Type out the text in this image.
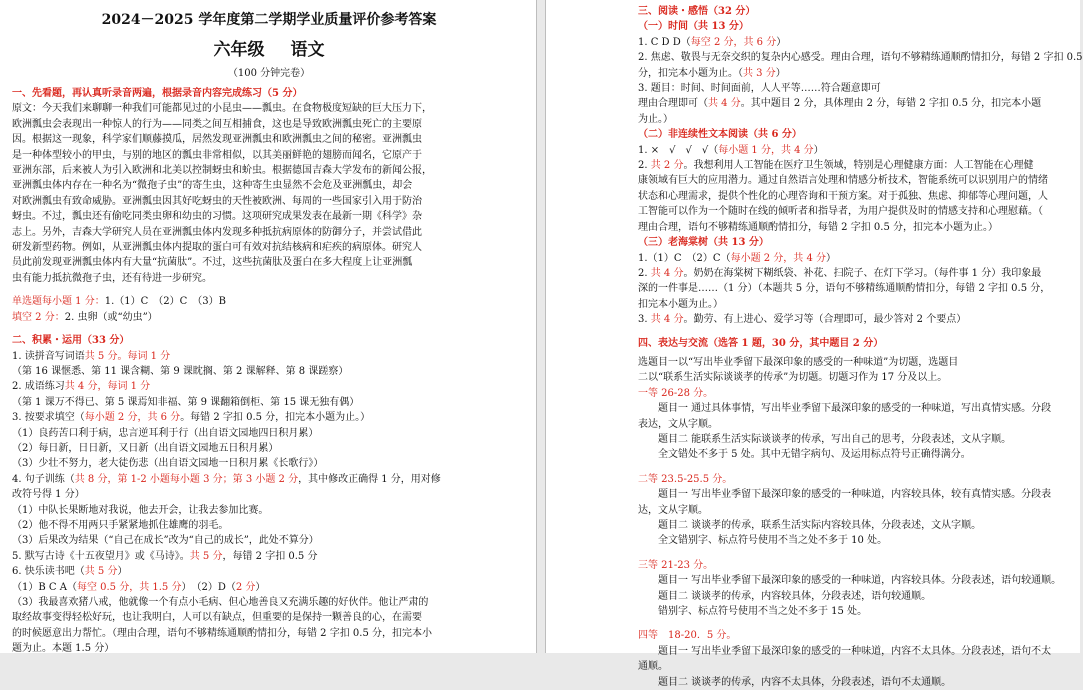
2024－2025 学年度第二学期学业质量评价参考答案
六年级 语文
（100 分钟完卷）
一、先看题，再认真听录音两遍，根据录音内容完成练习（5 分）
原文：今天我们来聊聊一种我们可能都见过的小昆虫——瓢虫。在食物极度短缺的巨大压力下，
欧洲瓢虫会表现出一种惊人的行为——同类之间互相捕食，这也是导致欧洲瓢虫死亡的主要原
因。根据这一现象，科学家们顺藤摸瓜，居然发现亚洲瓢虫和欧洲瓢虫之间的秘密。亚洲瓢虫
是一种体型较小的甲虫，与别的地区的瓢虫非常相似，以其美丽鲜艳的翅膀而闻名，它原产于
亚洲东部，后来被人为引入欧洲和北美以控制蚜虫和蚧虫。根据德国吉森大学发布的新闻公报，
亚洲瓢虫体内存在一种名为“微孢子虫”的寄生虫，这种寄生虫显然不会危及亚洲瓢虫，却会
对欧洲瓢虫有致命威胁。亚洲瓢虫因其好吃蚜虫的天性被欧洲、每周的一些国家引入用于防治
蚜虫。不过，瓢虫还有偷吃同类虫卵和幼虫的习惯。这项研究成果发表在最新一期《科学》杂
志上。另外，吉森大学研究人员在亚洲瓢虫体内发现多种抵抗病原体的防御分子，并尝试借此
研发新型药物。例如，从亚洲瓢虫体内提取的蛋白可有效对抗结核病和疟疾的病原体。研究人
员此前发现亚洲瓢虫体内有大量“抗菌肽”。不过，这些抗菌肽及蛋白在多大程度上让亚洲瓢
虫有能力抵抗微孢子虫，还有待进一步研究。
单选题每小题 1 分：1.（1）C　（2）C　（3）B
填空 2 分：2. 虫卵（或“幼虫”）
二、积累・运用（33 分）
1. 读拼音写词语共 5 分。每词 1 分
（第 16 课惬悉、第 11 课含糊、第 9 课眈搁、第 2 课解释、第 8 课蹉察）
2. 成语练习共 4 分，每词 1 分
（第 1 课万不得已、第 5 课焉知非福、第 9 课翻箱倒柜、第 15 课无独有偶）
3. 按要求填空（每小题 2 分，共 6 分。每错 2 字扣 0.5 分，扣完本小题为止。）
（1）良药苦口利于病，忠言逆耳利于行（出自语文园地四日积月累）
（2）每日新，日日新，又日新（出自语文园地五日积月累）
（3）少壮不努力，老大徒伤悲（出自语文园地一日积月累《长歌行》）
4. 句子训练（共 8 分，第 1-2 小题每小题 3 分；第 3 小题 2 分，其中修改正确得 1 分，用对修
改符号得 1 分）
（1）中队长果断地对我说，他去开会，让我去参加比赛。
（2）他不得不用两只手紧紧地抓住雄鹰的羽毛。
（3）后果改为结果（“自己在成长”改为“自己的成长”，此处不算分）
5. 默写古诗《十五夜望月》或《马诗》。共 5 分，每错 2 字扣 0.5 分
6. 快乐读书吧（共 5 分）
（1）B C A（每空 0.5 分，共 1.5 分）　（2）D（2 分）
（3）我最喜欢猪八戒，他就像一个有点小毛病、但心地善良又充满乐趣的好伙伴。他让严肃的
取经故事变得轻松好玩，也让我明白，人可以有缺点，但重要的是保持一颗善良的心，在需要
的时候愿意出力帮忙。（理由合理，语句不够精练通顺酌情扣分，每错 2 字扣 0.5 分，扣完本小
题为止。本题 1.5 分）
三、阅读・感悟（32 分）
（一）时间（共 13 分）
1. C D D（每空 2 分，共 6 分）
2. 焦虑、敬畏与无奈交织的复杂内心感受。理由合理，语句不够精练通顺酌情扣分，每错 2 字扣 0.5
分，扣完本小题为止。（共 3 分）
3. 题目：时间、时间面前，人人平等……符合题意即可
理由合理即可（共 4 分。其中题目 2 分，具体理由 2 分，每错 2 字扣 0.5 分，扣完本小题
为止。）
（二）非连续性文本阅读（共 6 分）
1. ×　√　√　√（每小题 1 分，共 4 分）
2. 共 2 分。我想利用人工智能在医疗卫生领域，特别是心理健康方面：人工智能在心理健
康领域有巨大的应用潜力。通过自然语言处理和情感分析技术，智能系统可以识别用户的情绪
状态和心理需求，提供个性化的心理咨询和干预方案。对于孤独、焦虑、抑郁等心理问题，人
工智能可以作为一个随时在线的倾听者和指导者，为用户提供及时的情感支持和心理慰藉。（
理由合理，语句不够精练通顺酌情扣分，每错 2 字扣 0.5 分，扣完本小题为止。）
（三）老海棠树（共 13 分）
1.（1）C　（2）C（每小题 2 分，共 4 分）
2. 共 4 分。奶奶在海棠树下糊纸袋、补花、扫院子、在灯下学习。（每件事 1 分）我印象最
深的一件事是……（1 分）（本题共 5 分，语句不够精练通顺酌情扣分，每错 2 字扣 0.5 分，
扣完本小题为止。）
3. 共 4 分。勤劳、有上进心、爱学习等（合理即可，最少答对 2 个要点）
四、表达与交流（选答 1 题，30 分，其中题目 2 分）
选题目一以“写出毕业季留下最深印象的感受的一种味道”为切题，选题目
二以“联系生活实际谈谈孝的传承”为切题。切题习作为 17 分及以上。
一等 26-28 分。
题目一 通过具体事情，写出毕业季留下最深印象的感受的一种味道，写出真情实感。分段
表达，文从字顺。
题目二 能联系生活实际谈谈孝的传承，写出自己的思考，分段表述，文从字顺。
全文错处不多于 5 处。其中无错字病句、及运用标点符号正确得满分。
二等 23.5-25.5 分。
题目一 写出毕业季留下最深印象的感受的一种味道，内容较具体，较有真情实感。分段表
达，文从字顺。
题目二 谈谈孝的传承，联系生活实际内容较具体，分段表述，文从字顺。
全文错别字、标点符号使用不当之处不多于 10 处。
三等 21-23 分。
题目一 写出毕业季留下最深印象的感受的一种味道，内容较具体。分段表述，语句较通顺。
题目二 谈谈孝的传承，内容较具体，分段表述，语句较通顺。
错别字、标点符号使用不当之处不多于 15 处。
四等　18-20．5 分。
题目一 写出毕业季留下最深印象的感受的一种味道，内容不太具体。分段表述，语句不太
通顺。
题目二 谈谈孝的传承，内容不太具体，分段表述，语句不太通顺。
